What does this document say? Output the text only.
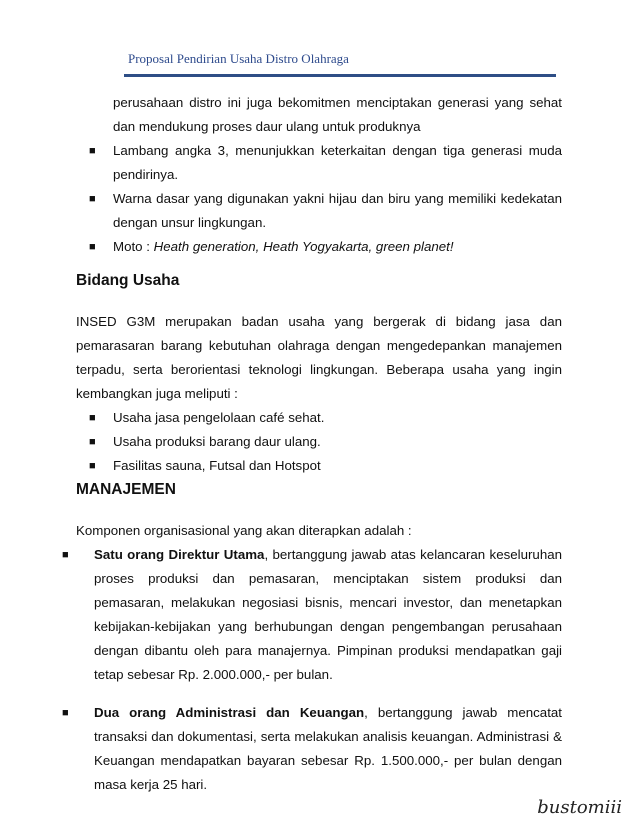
Proposal Pendirian Usaha Distro Olahraga

perusahaan distro ini juga bekomitmen menciptakan generasi yang sehat dan mendukung proses daur ulang untuk produknya

■ Lambang angka 3, menunjukkan keterkaitan dengan tiga generasi muda pendirinya.
■ Warna dasar yang digunakan yakni hijau dan biru yang memiliki kedekatan dengan unsur lingkungan.
■ Moto : Heath generation, Heath Yogyakarta, green planet!
Bidang Usaha

INSED G3M merupakan badan usaha yang bergerak di bidang jasa dan pemarasaran barang kebutuhan olahraga dengan mengedepankan manajemen terpadu, serta berorientasi teknologi lingkungan. Beberapa usaha yang ingin kembangkan juga meliputi :

■ Usaha jasa pengelolaan café sehat.
■ Usaha produksi barang daur ulang.
■ Fasilitas sauna, Futsal dan Hotspot
MANAJEMEN

Komponen organisasional yang akan diterapkan adalah :

■ Satu orang Direktur Utama, bertanggung jawab atas kelancaran keseluruhan proses produksi dan pemasaran, menciptakan sistem produksi dan pemasaran, melakukan negosiasi bisnis, mencari investor, dan menetapkan kebijakan-kebijakan yang berhubungan dengan pengembangan perusahaan dengan dibantu oleh para manajernya. Pimpinan produksi mendapatkan gaji tetap sebesar Rp. 2.000.000,- per bulan.
■ Dua orang Administrasi dan Keuangan, bertanggung jawab mencatat transaksi dan dokumentasi, serta melakukan analisis keuangan. Administrasi & Keuangan mendapatkan bayaran sebesar Rp. 1.500.000,- per bulan dengan masa kerja 25 hari.
bustomiii
